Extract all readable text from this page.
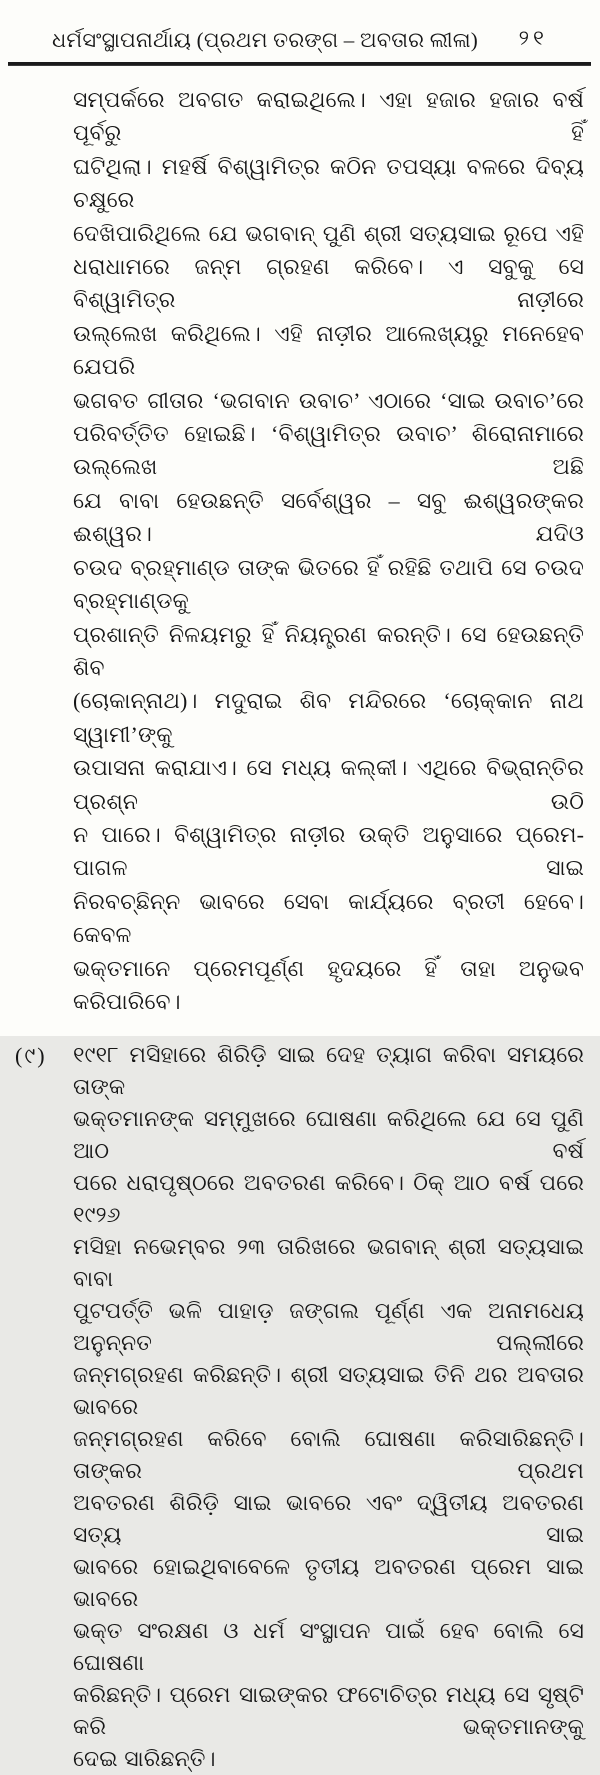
ଧର୍ମସଂସ୍ଥାପନାର୍ଥାୟ (ପ୍ରଥମ ତରଙ୍ଗ – ଅବତାର ଲୀଳା)	୨୧
ସମ୍ପର୍କରେ ଅବଗତ କରାଇଥିଲେ। ଏହା ହଜାର ହଜାର ବର୍ଷ ପୂର୍ବରୁ ହିଁ
ଘଟିଥିଲା। ମହର୍ଷି ବିଶ୍ୱାମିତ୍ର କଠିନ ତପସ୍ୟା ବଳରେ ଦିବ୍ୟ ଚକ୍ଷୁରେ
ଦେଖିପାରିଥିଲେ ଯେ ଭଗବାନ୍ ପୁଣି ଶ୍ରୀ ସତ୍ୟସାଇ ରୂପେ ଏହି
ଧରାଧାମରେ ଜନ୍ମ ଗ୍ରହଣ କରିବେ। ଏ ସବୁକୁ ସେ ବିଶ୍ୱାମିତ୍ର ନାଡ଼ୀରେ
ଉଲ୍ଲେଖ କରିଥିଲେ। ଏହି ନାଡ଼ୀର ଆଲେଖ୍ୟରୁ ମନେହେବ ଯେପରି
ଭଗବତ ଗୀତାର ‘ଭଗବାନ ଉବାଚ’ ଏଠାରେ ‘ସାଇ ଉବାଚ’ରେ
ପରିବର୍ତ୍ତିତ ହୋଇଛି। ‘ବିଶ୍ୱାମିତ୍ର ଉବାଚ’ ଶିରୋନାମାରେ ଉଲ୍ଲେଖ ଅଛି
ଯେ ବାବା ହେଉଛନ୍ତି ସର୍ବେଶ୍ୱର – ସବୁ ଈଶ୍ୱରଙ୍କର ଈଶ୍ୱର। ଯଦିଓ
ଚଉଦ ବ୍ରହ୍ମାଣ୍ଡ ତାଙ୍କ ଭିତରେ ହିଁ ରହିଛି ତଥାପି ସେ ଚଉଦ ବ୍ରହ୍ମାଣ୍ଡକୁ
ପ୍ରଶାନ୍ତି ନିଳୟମରୁ ହିଁ ନିୟନ୍ତ୍ରଣ କରନ୍ତି। ସେ ହେଉଛନ୍ତି ଶିବ
(ଚୋକାନ୍ନାଥ)। ମଦୁରାଇ ଶିବ ମନ୍ଦିରରେ ‘ଚୋକ୍କାନ ନାଥ ସ୍ୱାମୀ’ଙ୍କୁ
ଉପାସନା କରାଯାଏ। ସେ ମଧ୍ୟ କଲ୍କୀ। ଏଥିରେ ବିଭ୍ରାନ୍ତିର ପ୍ରଶ୍ନ ଉଠି
ନ ପାରେ। ବିଶ୍ୱାମିତ୍ର ନାଡ଼ୀର ଉକ୍ତି ଅନୁସାରେ ପ୍ରେମ-ପାଗଳ ସାଇ
ନିରବଚ୍ଛିନ୍ନ ଭାବରେ ସେବା କାର୍ଯ୍ୟରେ ବ୍ରତୀ ହେବେ। କେବଳ
ଭକ୍ତମାନେ ପ୍ରେମପୂର୍ଣ୍ଣ ହୃଦୟରେ ହିଁ ତାହା ଅନୁଭବ କରିପାରିବେ।
(୯) ୧୯୧୮ ମସିହାରେ ଶିରିଡ଼ି ସାଇ ଦେହ ତ୍ୟାଗ କରିବା ସମୟରେ ତାଙ୍କ
ଭକ୍ତମାନଙ୍କ ସମ୍ମୁଖରେ ଘୋଷଣା କରିଥିଲେ ଯେ ସେ ପୁଣି ଆଠ ବର୍ଷ
ପରେ ଧରାପୃଷ୍ଠରେ ଅବତରଣ କରିବେ। ଠିକ୍ ଆଠ ବର୍ଷ ପରେ ୧୯୨୬
ମସିହା ନଭେମ୍ବର ୨୩ ତାରିଖରେ ଭଗବାନ୍ ଶ୍ରୀ ସତ୍ୟସାଇ ବାବା
ପୁଟପର୍ତ୍ତି ଭଳି ପାହାଡ଼ ଜଙ୍ଗଲ ପୂର୍ଣ୍ଣ ଏକ ଅନାମଧେୟ ଅନୁନ୍ନତ ପଲ୍ଲୀରେ
ଜନ୍ମଗ୍ରହଣ କରିଛନ୍ତି। ଶ୍ରୀ ସତ୍ୟସାଇ ତିନି ଥର ଅବତାର ଭାବରେ
ଜନ୍ମଗ୍ରହଣ କରିବେ ବୋଲି ଘୋଷଣା କରିସାରିଛନ୍ତି। ତାଙ୍କର ପ୍ରଥମ
ଅବତରଣ ଶିରିଡ଼ି ସାଇ ଭାବରେ ଏବଂ ଦ୍ୱିତୀୟ ଅବତରଣ ସତ୍ୟ ସାଇ
ଭାବରେ ହୋଇଥିବାବେଳେ ତୃତୀୟ ଅବତରଣ ପ୍ରେମ ସାଇ ଭାବରେ
ଭକ୍ତ ସଂରକ୍ଷଣ ଓ ଧର୍ମ ସଂସ୍ଥାପନ ପାଇଁ ହେବ ବୋଲି ସେ ଘୋଷଣା
କରିଛନ୍ତି। ପ୍ରେମ ସାଇଙ୍କର ଫଟୋଚିତ୍ର ମଧ୍ୟ ସେ ସୃଷ୍ଟି କରି ଭକ୍ତମାନଙ୍କୁ
ଦେଇ ସାରିଛନ୍ତି।
